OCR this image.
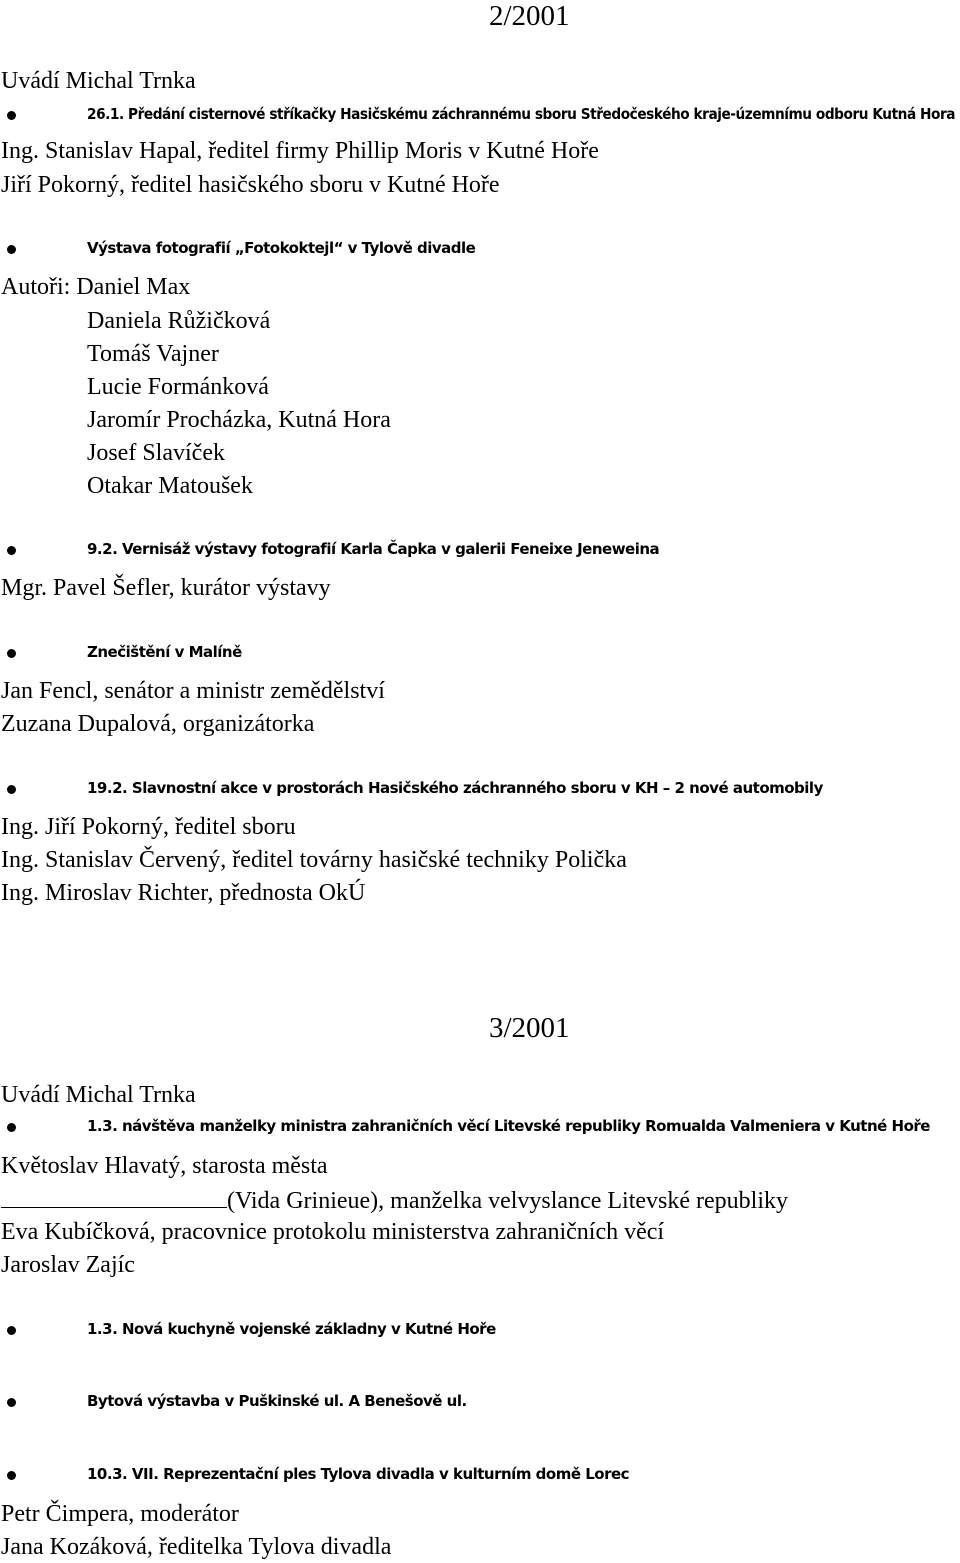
2/2001
Uvádí Michal Trnka
26.1. Předání cisternové stříkačky Hasičskému záchrannému sboru Středočeského kraje-územnímu odboru Kutná Hora
Ing. Stanislav Hapal, ředitel firmy Phillip Moris v Kutné Hoře
Jiří Pokorný, ředitel hasičského sboru v Kutné Hoře
Výstava fotografií „Fotokoktejl“ v Tylově divadle
Autoři: Daniel Max
Daniela Růžičková
Tomáš Vajner
Lucie Formánková
Jaromír Procházka, Kutná Hora
Josef Slavíček
Otakar Matoušek
9.2. Vernisáž výstavy fotografií Karla Čapka v galerii Feneixe Jeneweina
Mgr. Pavel Šefler, kurátor výstavy
Znečištění v Malíně
Jan Fencl, senátor a ministr zemědělství
Zuzana Dupalová, organizátorka
19.2. Slavnostní akce v prostorách Hasičského záchranného sboru v KH – 2 nové automobily
Ing. Jiří Pokorný, ředitel sboru
Ing. Stanislav Červený, ředitel továrny hasičské techniky Polička
Ing. Miroslav Richter, přednosta OkÚ
3/2001
Uvádí Michal Trnka
1.3. návštěva manželky ministra zahraničních věcí Litevské republiky Romualda Valmeniera v Kutné Hoře
Květoslav Hlavatý, starosta města
(Vida Grinieue), manželka velvyslance Litevské republiky
Eva Kubíčková, pracovnice protokolu ministerstva zahraničních věcí
Jaroslav Zajíc
1.3. Nová kuchyně vojenské základny v Kutné Hoře
Bytová výstavba v Puškinské ul. A Benešově ul.
10.3. VII. Reprezentační ples Tylova divadla v kulturním domě Lorec
Petr Čimpera, moderátor
Jana Kozáková, ředitelka Tylova divadla
